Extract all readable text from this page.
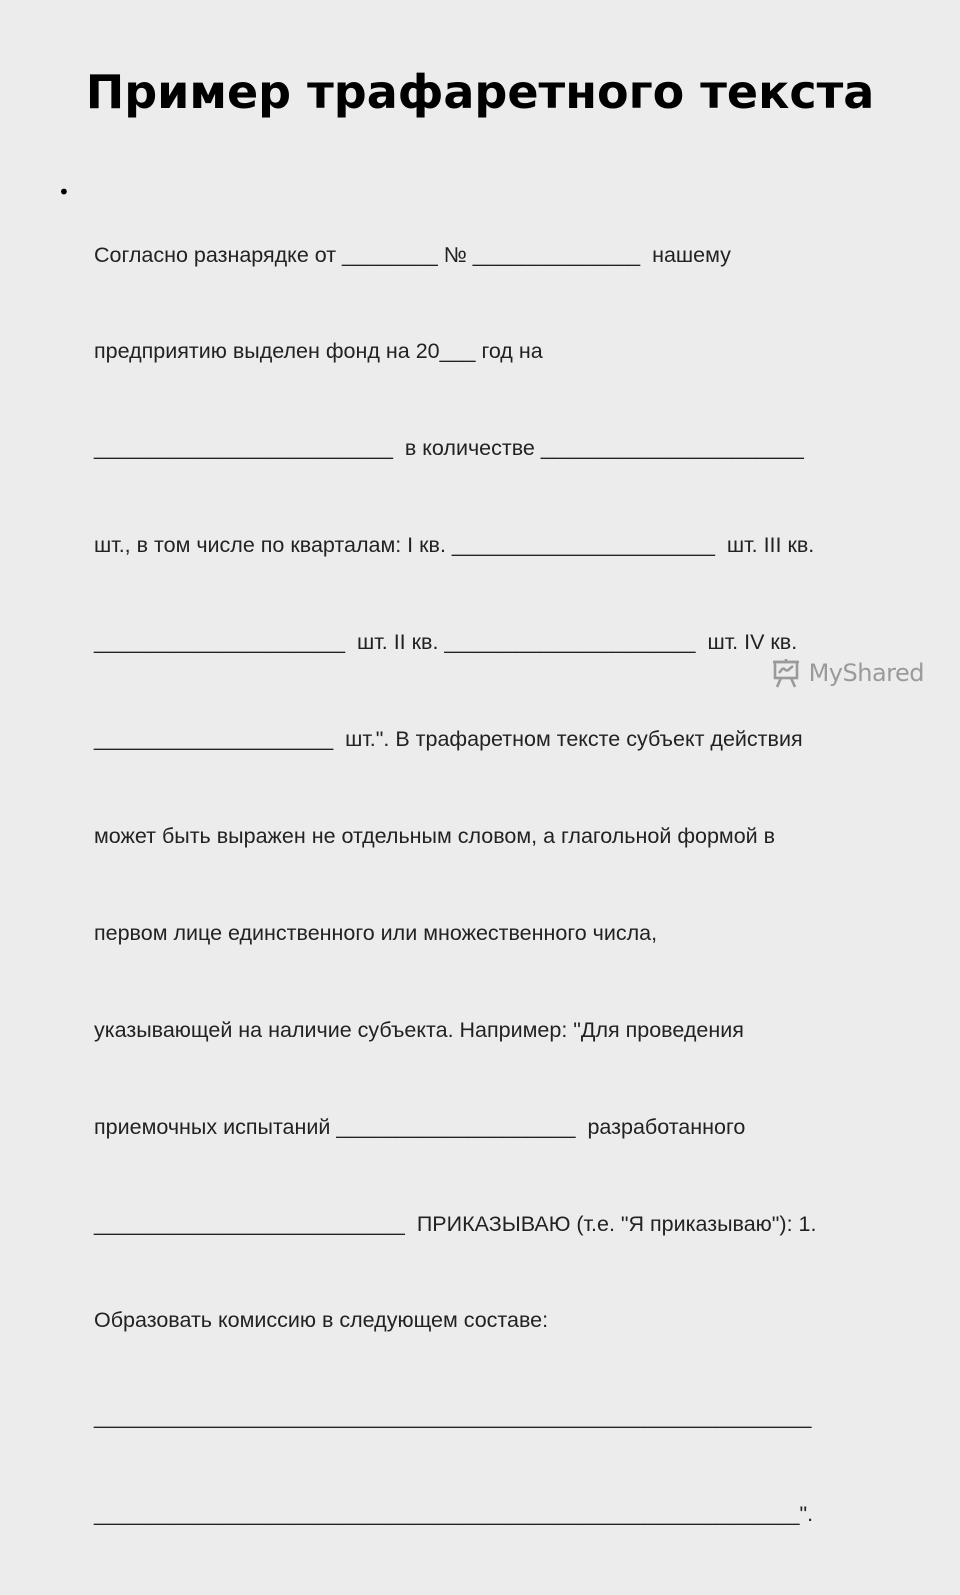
Пример трафаретного текста
•

Согласно разнарядке от ________ № ______________  нашему

предприятию выделен фонд на 20___ год на

_________________________  в количестве ______________________

шт., в том числе по кварталам: I кв. ______________________  шт. III кв.

_____________________  шт. II кв. _____________________  шт. IV кв.

____________________  шт.". В трафаретном тексте субъект действия

может быть выражен не отдельным словом, а глагольной формой в

первом лице единственного или множественного числа,

указывающей на наличие субъекта. Например: "Для проведения

приемочных испытаний ____________________  разработанного

__________________________  ПРИКАЗЫВАЮ (т.е. "Я приказываю"): 1.

Образовать комиссию в следующем составе:

____________________________________________________________

___________________________________________________________".

MyShared
